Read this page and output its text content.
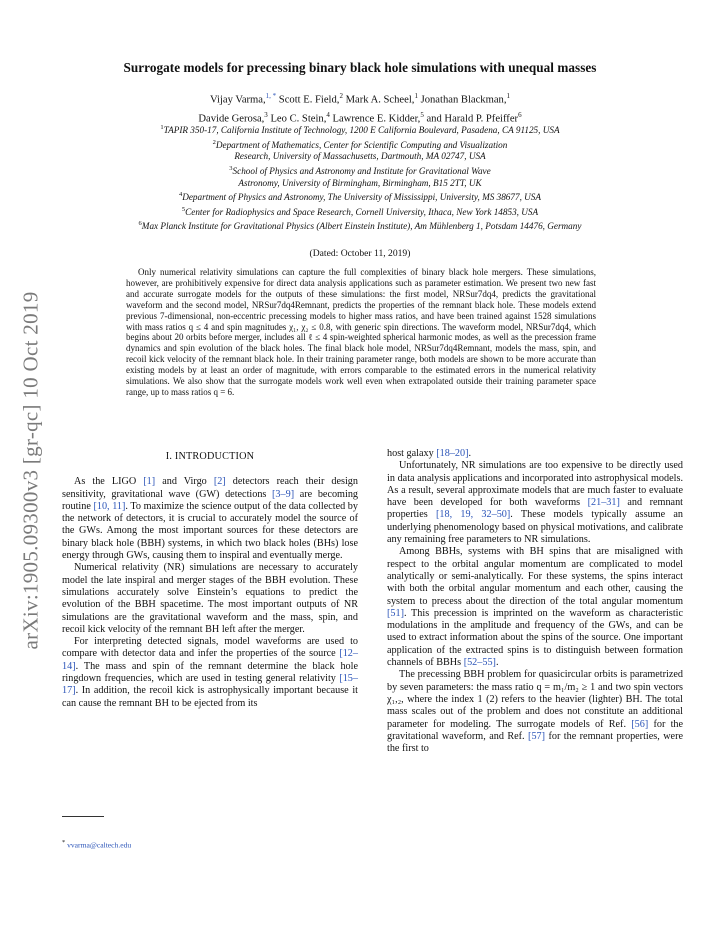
arXiv:1905.09300v3 [gr-qc] 10 Oct 2019
Surrogate models for precessing binary black hole simulations with unequal masses
Vijay Varma,$^{1, *}$ Scott E. Field,$^2$ Mark A. Scheel,$^1$ Jonathan Blackman,$^1$
Davide Gerosa,$^3$ Leo C. Stein,$^4$ Lawrence E. Kidder,$^5$ and Harald P. Pfeiffer$^6$
$^1$TAPIR 350-17, California Institute of Technology, 1200 E California Boulevard, Pasadena, CA 91125, USA
$^2$Department of Mathematics, Center for Scientific Computing and Visualization
Research, University of Massachusetts, Dartmouth, MA 02747, USA
$^3$School of Physics and Astronomy and Institute for Gravitational Wave
Astronomy, University of Birmingham, Birmingham, B15 2TT, UK
$^4$Department of Physics and Astronomy, The University of Mississippi, University, MS 38677, USA
$^5$Center for Radiophysics and Space Research, Cornell University, Ithaca, New York 14853, USA
$^6$Max Planck Institute for Gravitational Physics (Albert Einstein Institute), Am Mühlenberg 1, Potsdam 14476, Germany
(Dated: October 11, 2019)
Only numerical relativity simulations can capture the full complexities of binary black hole mergers. These simulations, however, are prohibitively expensive for direct data analysis applications such as parameter estimation. We present two new fast and accurate surrogate models for the outputs of these simulations: the first model, NRSur7dq4, predicts the gravitational waveform and the second model, NRSur7dq4Remnant, predicts the properties of the remnant black hole. These models extend previous 7-dimensional, non-eccentric precessing models to higher mass ratios, and have been trained against 1528 simulations with mass ratios q ≤ 4 and spin magnitudes χ₁, χ₂ ≤ 0.8, with generic spin directions. The waveform model, NRSur7dq4, which begins about 20 orbits before merger, includes all ℓ ≤ 4 spin-weighted spherical harmonic modes, as well as the precession frame dynamics and spin evolution of the black holes. The final black hole model, NRSur7dq4Remnant, models the mass, spin, and recoil kick velocity of the remnant black hole. In their training parameter range, both models are shown to be more accurate than existing models by at least an order of magnitude, with errors comparable to the estimated errors in the numerical relativity simulations. We also show that the surrogate models work well even when extrapolated outside their training parameter space range, up to mass ratios q = 6.
I. INTRODUCTION

As the LIGO [1] and Virgo [2] detectors reach their design sensitivity, gravitational wave (GW) detections [3–9] are becoming routine [10, 11]. To maximize the science output of the data collected by the network of detectors, it is crucial to accurately model the source of the GWs. Among the most important sources for these detectors are binary black hole (BBH) systems, in which two black holes (BHs) lose energy through GWs, causing them to inspiral and eventually merge.

Numerical relativity (NR) simulations are necessary to accurately model the late inspiral and merger stages of the BBH evolution. These simulations accurately solve Einstein’s equations to predict the evolution of the BBH spacetime. The most important outputs of NR simulations are the gravitational waveform and the mass, spin, and recoil kick velocity of the remnant BH left after the merger.

For interpreting detected signals, model waveforms are used to compare with detector data and infer the properties of the source [12–14]. The mass and spin of the remnant determine the black hole ringdown frequencies, which are used in testing general relativity [15–17]. In addition, the recoil kick is astrophysically important because it can cause the remnant BH to be ejected from its

host galaxy [18–20].

Unfortunately, NR simulations are too expensive to be directly used in data analysis applications and incorporated into astrophysical models. As a result, several approximate models that are much faster to evaluate have been developed for both waveforms [21–31] and remnant properties [18, 19, 32–50]. These models typically assume an underlying phenomenology based on physical motivations, and calibrate any remaining free parameters to NR simulations.

Among BBHs, systems with BH spins that are misaligned with respect to the orbital angular momentum are complicated to model analytically or semi-analytically. For these systems, the spins interact with both the orbital angular momentum and each other, causing the system to precess about the direction of the total angular momentum [51]. This precession is imprinted on the waveform as characteristic modulations in the amplitude and frequency of the GWs, and can be used to extract information about the spins of the source. One important application of the extracted spins is to distinguish between formation channels of BBHs [52–55].

The precessing BBH problem for quasicircular orbits is parametrized by seven parameters: the mass ratio q = m₁/m₂ ≥ 1 and two spin vectors χ₁,₂, where the index 1 (2) refers to the heavier (lighter) BH. The total mass scales out of the problem and does not constitute an additional parameter for modeling. The surrogate models of Ref. [56] for the gravitational waveform, and Ref. [57] for the remnant properties, were the first to

* vvarma@caltech.edu
